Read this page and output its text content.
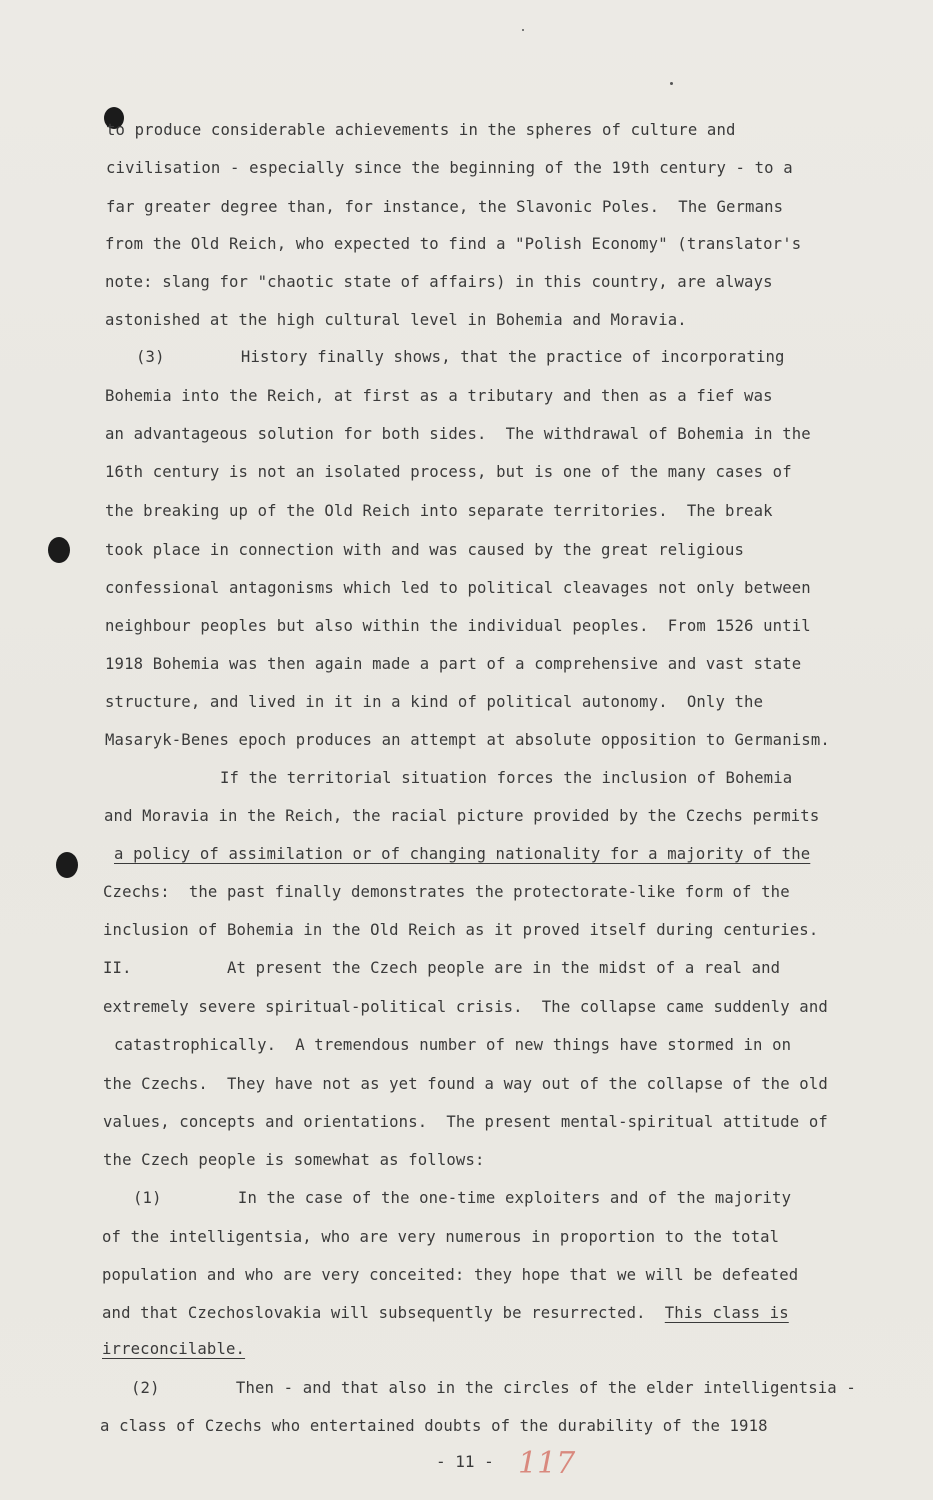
to produce considerable achievements in the spheres of culture and
civilisation - especially since the beginning of the 19th century - to a
far greater degree than, for instance, the Slavonic Poles.  The Germans
from the Old Reich, who expected to find a "Polish Economy" (translator's
note: slang for "chaotic state of affairs) in this country, are always
astonished at the high cultural level in Bohemia and Moravia.
(3)        History finally shows, that the practice of incorporating
Bohemia into the Reich, at first as a tributary and then as a fief was
an advantageous solution for both sides.  The withdrawal of Bohemia in the
16th century is not an isolated process, but is one of the many cases of
the breaking up of the Old Reich into separate territories.  The break
took place in connection with and was caused by the great religious
confessional antagonisms which led to political cleavages not only between
neighbour peoples but also within the individual peoples.  From 1526 until
1918 Bohemia was then again made a part of a comprehensive and vast state
structure, and lived in it in a kind of political autonomy.  Only the
Masaryk-Benes epoch produces an attempt at absolute opposition to Germanism.
If the territorial situation forces the inclusion of Bohemia
and Moravia in the Reich, the racial picture provided by the Czechs permits
a policy of assimilation or of changing nationality for a majority of the
Czechs:  the past finally demonstrates the protectorate-like form of the
inclusion of Bohemia in the Old Reich as it proved itself during centuries.
II.          At present the Czech people are in the midst of a real and
extremely severe spiritual-political crisis.  The collapse came suddenly and
catastrophically.  A tremendous number of new things have stormed in on
the Czechs.  They have not as yet found a way out of the collapse of the old
values, concepts and orientations.  The present mental-spiritual attitude of
the Czech people is somewhat as follows:
(1)        In the case of the one-time exploiters and of the majority
of the intelligentsia, who are very numerous in proportion to the total
population and who are very conceited: they hope that we will be defeated
and that Czechoslovakia will subsequently be resurrected.  This class is
irreconcilable.
(2)        Then - and that also in the circles of the elder intelligentsia -
a class of Czechs who entertained doubts of the durability of the 1918
- 11 - 117
